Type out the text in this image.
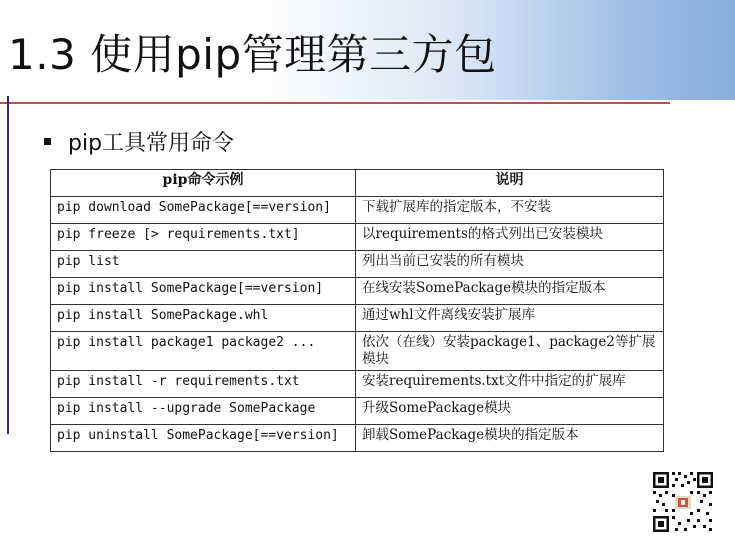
1.3 使用pip管理第三方包
pip工具常用命令
pip命令示例	说明
pip download SomePackage[==version]	下载扩展库的指定版本，不安装
pip freeze [> requirements.txt]	以requirements的格式列出已安装模块
pip list	列出当前已安装的所有模块
pip install SomePackage[==version]	在线安装SomePackage模块的指定版本
pip install SomePackage.whl	通过whl文件离线安装扩展库
pip install package1 package2 ...	依次（在线）安装package1、package2等扩展模块
pip install -r requirements.txt	安装requirements.txt文件中指定的扩展库
pip install --upgrade SomePackage	升级SomePackage模块
pip uninstall SomePackage[==version]	卸载SomePackage模块的指定版本
